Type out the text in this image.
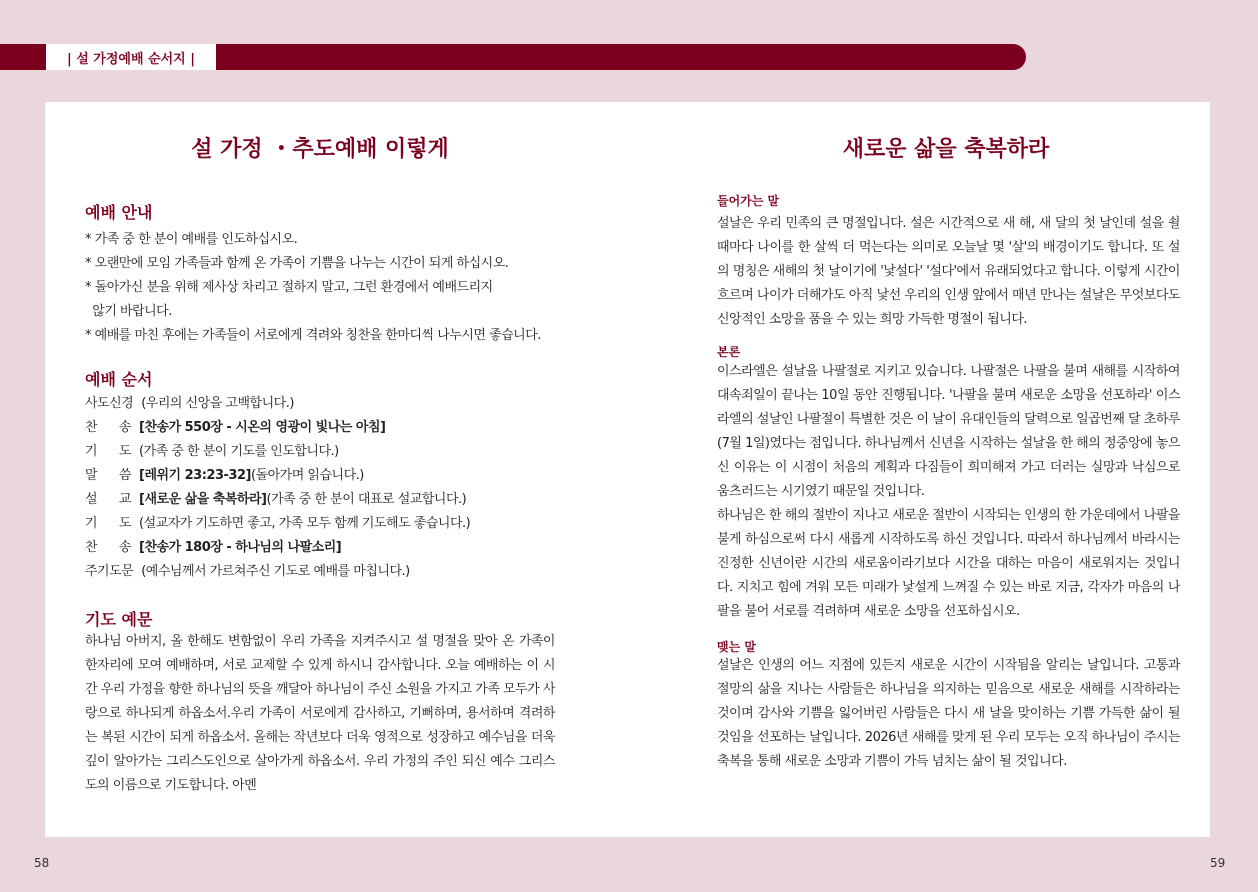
| 설 가정예배 순서지 |
설 가정 ・추도예배 이렇게
예배 안내
* 가족 중 한 분이 예배를 인도하십시오.
* 오랜만에 모임 가족들과 함께 온 가족이 기쁨을 나누는 시간이 되게 하십시오.
* 돌아가신 분을 위해 제사상 차리고 절하지 말고, 그런 환경에서 예배드리지
않기 바랍니다.
* 예배를 마친 후에는 가족들이 서로에게 격려와 칭찬을 한마디씩 나누시면 좋습니다.
예배 순서
사도신경 (우리의 신앙을 고백합니다.)
찬      송 [찬송가 550장 - 시온의 영광이 빛나는 아침]
기      도 (가족 중 한 분이 기도를 인도합니다.)
말      씀 [레위기 23:23-32](돌아가며 읽습니다.)
설      교 [새로운 삶을 축복하라](가족 중 한 분이 대표로 설교합니다.)
기      도 (설교자가 기도하면 좋고, 가족 모두 함께 기도해도 좋습니다.)
찬      송 [찬송가 180장 - 하나님의 나팔소리]
주기도문 (예수님께서 가르쳐주신 기도로 예배를 마칩니다.)
기도 예문

하나님 아버지, 올 한해도 변함없이 우리 가족을 지켜주시고 설 명절을 맞아 온 가족이 한자리에 모여 예배하며, 서로 교제할 수 있게 하시니 감사합니다. 오늘 예배하는 이 시간 우리 가정을 향한 하나님의 뜻을 깨달아 하나님이 주신 소원을 가지고 가족 모두가 사랑으로 하나되게 하옵소서.우리 가족이 서로에게 감사하고, 기뻐하며, 용서하며 격려하는 복된 시간이 되게 하옵소서. 올해는 작년보다 더욱 영적으로 성장하고 예수님을 더욱 깊이 알아가는 그리스도인으로 살아가게 하옵소서. 우리 가정의 주인 되신 예수 그리스도의 이름으로 기도합니다. 아멘

새로운 삶을 축복하라
들어가는 말

설날은 우리 민족의 큰 명절입니다. 설은 시간적으로 새 해, 새 달의 첫 날인데 설을 쇨 때마다 나이를 한 살씩 더 먹는다는 의미로 오늘날 몇 '살'의 배경이기도 합니다. 또 설의 명칭은 새해의 첫 날이기에 '낯설다' '설다'에서 유래되었다고 합니다. 이렇게 시간이 흐르며 나이가 더해가도 아직 낯선 우리의 인생 앞에서 매년 만나는 설날은 무엇보다도 신앙적인 소망을 품을 수 있는 희망 가득한 명절이 됩니다.

본론

이스라엘은 설날을 나팔절로 지키고 있습니다. 나팔절은 나팔을 불며 새해를 시작하여 대속죄일이 끝나는 10일 동안 진행됩니다. '나팔을 불며 새로운 소망을 선포하라' 이스라엘의 설날인 나팔절이 특별한 것은 이 날이 유대인들의 달력으로 일곱번째 달 초하루(7월 1일)였다는 점입니다. 하나님께서 신년을 시작하는 설날을 한 해의 정중앙에 놓으신 이유는 이 시점이 처음의 계획과 다짐들이 희미해져 가고 더러는 실망과 낙심으로 움츠러드는 시기였기 때문일 것입니다.

하나님은 한 해의 절반이 지나고 새로운 절반이 시작되는 인생의 한 가운데에서 나팔을 불게 하심으로써 다시 새롭게 시작하도록 하신 것입니다. 따라서 하나님께서 바라시는 진정한 신년이란 시간의 새로움이라기보다 시간을 대하는 마음이 새로워지는 것입니다. 지치고 힘에 겨워 모든 미래가 낯설게 느껴질 수 있는 바로 지금, 각자가 마음의 나팔을 불어 서로를 격려하며 새로운 소망을 선포하십시오.

맺는 말

설날은 인생의 어느 지점에 있든지 새로운 시간이 시작됨을 알리는 날입니다. 고통과 절망의 삶을 지나는 사람들은 하나님을 의지하는 믿음으로 새로운 새해를 시작하라는 것이며 감사와 기쁨을 잃어버린 사람들은 다시 새 날을 맞이하는 기쁨 가득한 삶이 될 것임을 선포하는 날입니다. 2026년 새해를 맞게 된 우리 모두는 오직 하나님이 주시는 축복을 통해 새로운 소망과 기쁨이 가득 넘치는 삶이 될 것입니다.

58	59
